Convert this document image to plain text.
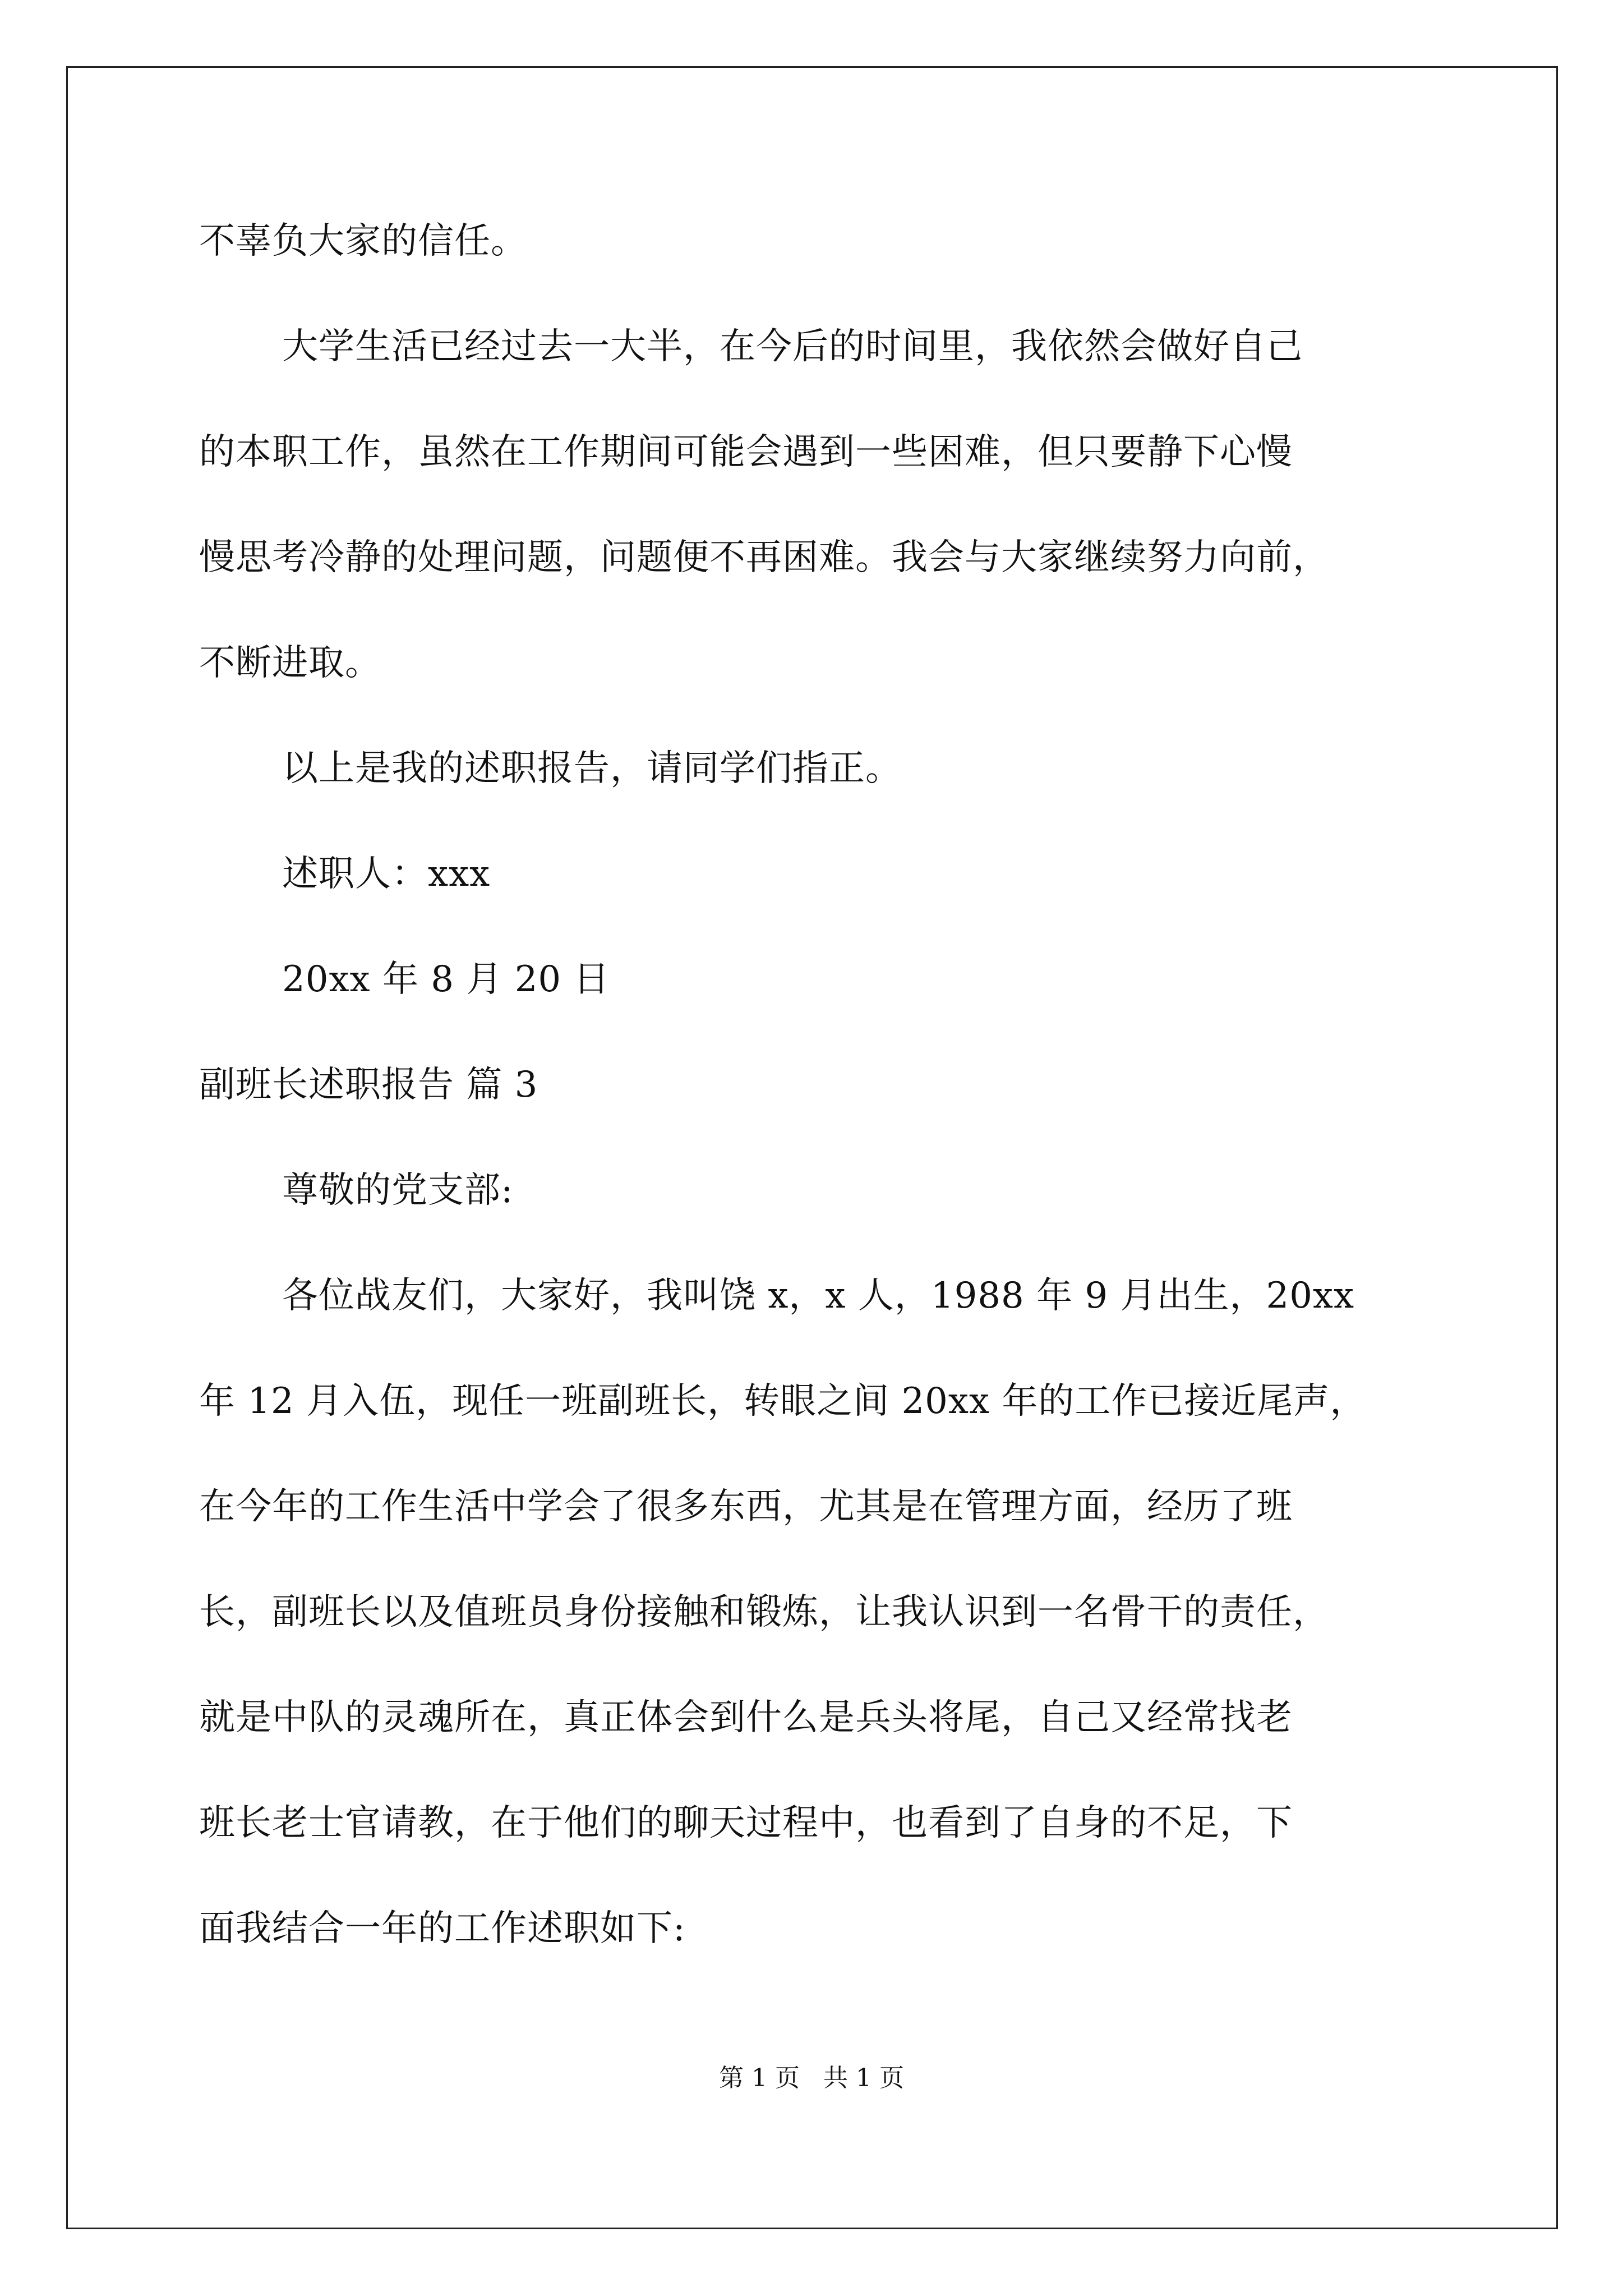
不辜负大家的信任。
大学生活已经过去一大半，在今后的时间里，我依然会做好自己
的本职工作，虽然在工作期间可能会遇到一些困难，但只要静下心慢
慢思考冷静的处理问题，问题便不再困难。我会与大家继续努力向前，
不断进取。
以上是我的述职报告，请同学们指正。
述职人：xxx
20xx 年 8 月 20 日
副班长述职报告 篇 3
尊敬的党支部:
各位战友们，大家好，我叫饶 x，x 人，1988 年 9 月出生，20xx
年 12 月入伍，现任一班副班长，转眼之间 20xx 年的工作已接近尾声，
在今年的工作生活中学会了很多东西，尤其是在管理方面，经历了班
长，副班长以及值班员身份接触和锻炼，让我认识到一名骨干的责任，
就是中队的灵魂所在，真正体会到什么是兵头将尾，自己又经常找老
班长老士官请教，在于他们的聊天过程中，也看到了自身的不足，下
面我结合一年的工作述职如下:
第 1 页 共 1 页
